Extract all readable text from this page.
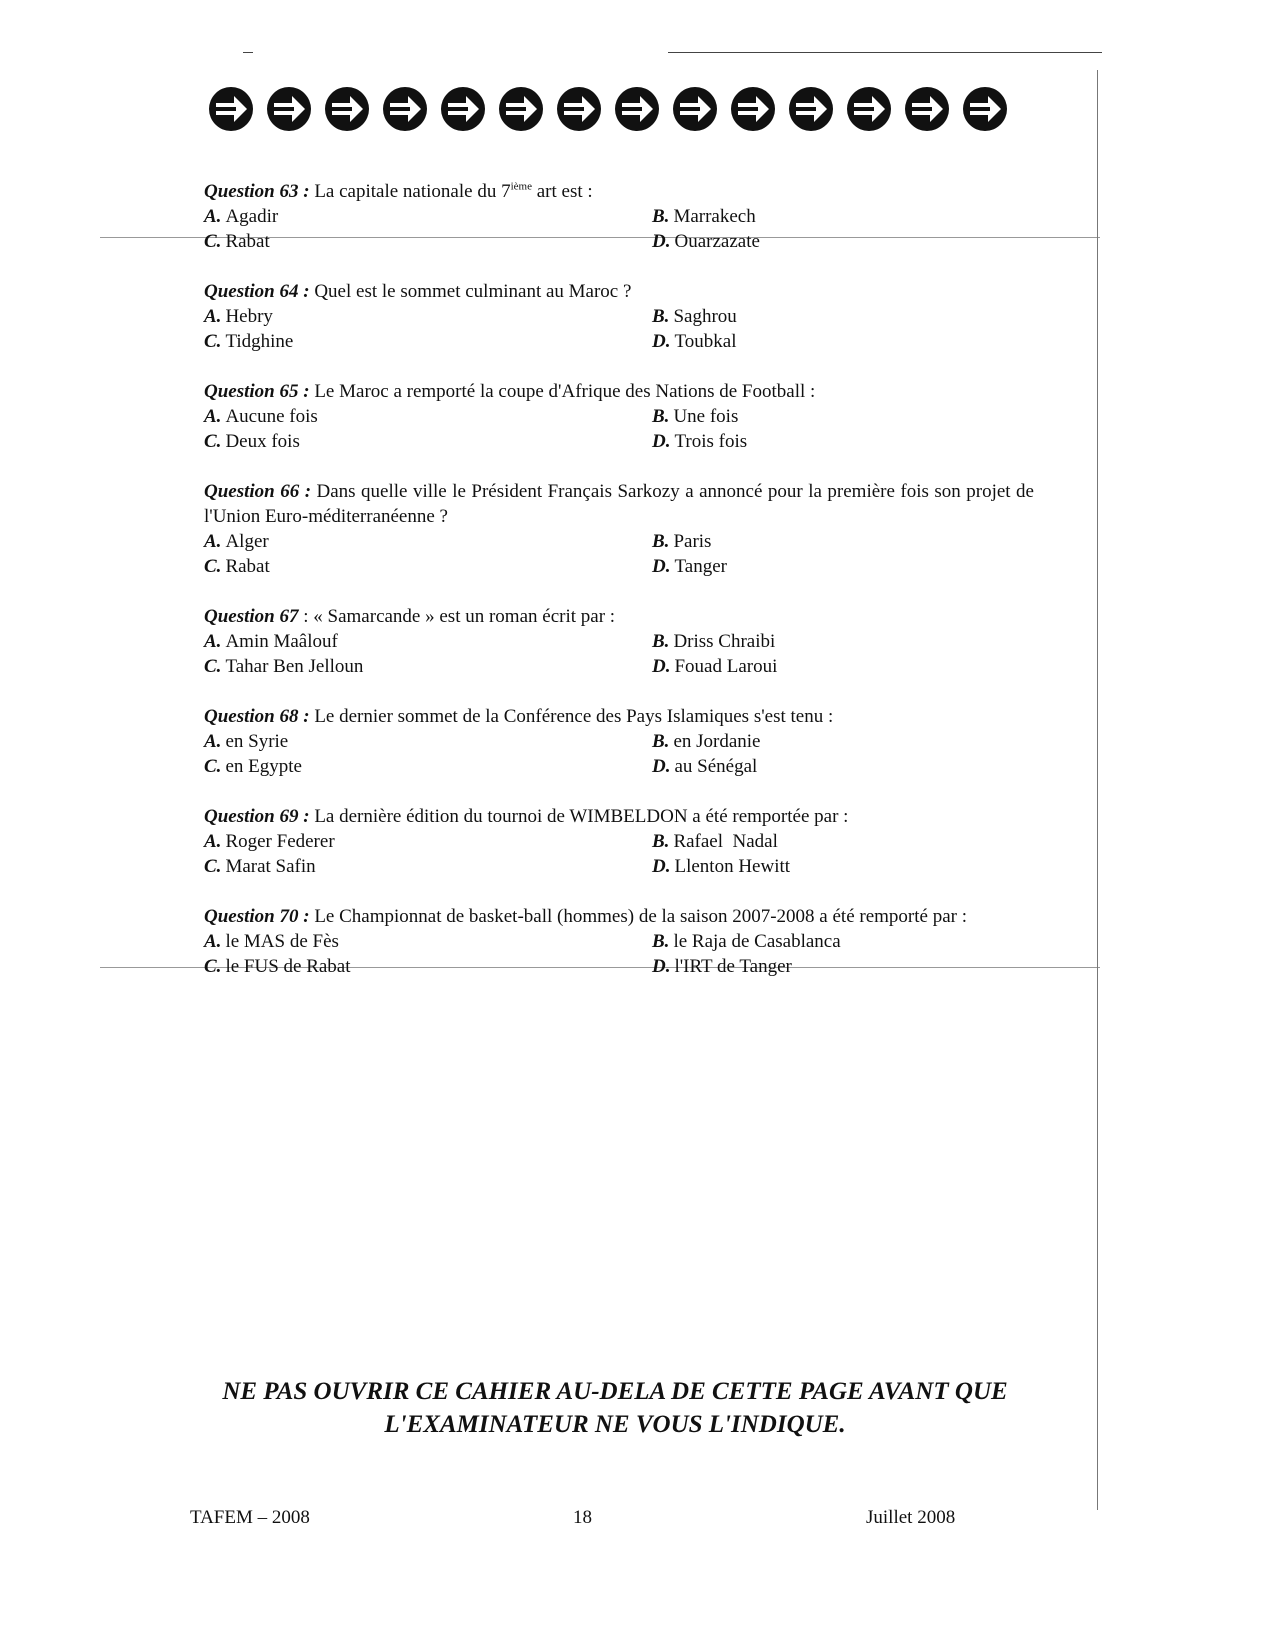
Question 63 : La capitale nationale du 7ième art est :
A. Agadir	B. Marrakech
C. Rabat	D. Ouarzazate
Question 64 : Quel est le sommet culminant au Maroc ?
A. Hebry	B. Saghrou
C. Tidghine	D. Toubkal
Question 65 : Le Maroc a remporté la coupe d'Afrique des Nations de Football :
A. Aucune fois	B. Une fois
C. Deux fois	D. Trois fois
Question 66 : Dans quelle ville le Président Français Sarkozy a annoncé pour la première fois son projet de l'Union Euro-méditerranéenne ?
A. Alger	B. Paris
C. Rabat	D. Tanger
Question 67 : « Samarcande » est un roman écrit par :
A. Amin Maâlouf	B. Driss Chraibi
C. Tahar Ben Jelloun	D. Fouad Laroui
Question 68 : Le dernier sommet de la Conférence des Pays Islamiques s'est tenu :
A. en Syrie	B. en Jordanie
C. en Egypte	D. au Sénégal
Question 69 : La dernière édition du tournoi de WIMBELDON a été remportée par :
A. Roger Federer	B. Rafael  Nadal
C. Marat Safin	D. Llenton Hewitt
Question 70 : Le Championnat de basket-ball (hommes) de la saison 2007-2008 a été remporté par :
A. le MAS de Fès	B. le Raja de Casablanca
C. le FUS de Rabat	D. l'IRT de Tanger
NE PAS OUVRIR CE CAHIER AU-DELA DE CETTE PAGE AVANT QUE
L'EXAMINATEUR NE VOUS L'INDIQUE.
TAFEM – 2008	18	Juillet 2008
